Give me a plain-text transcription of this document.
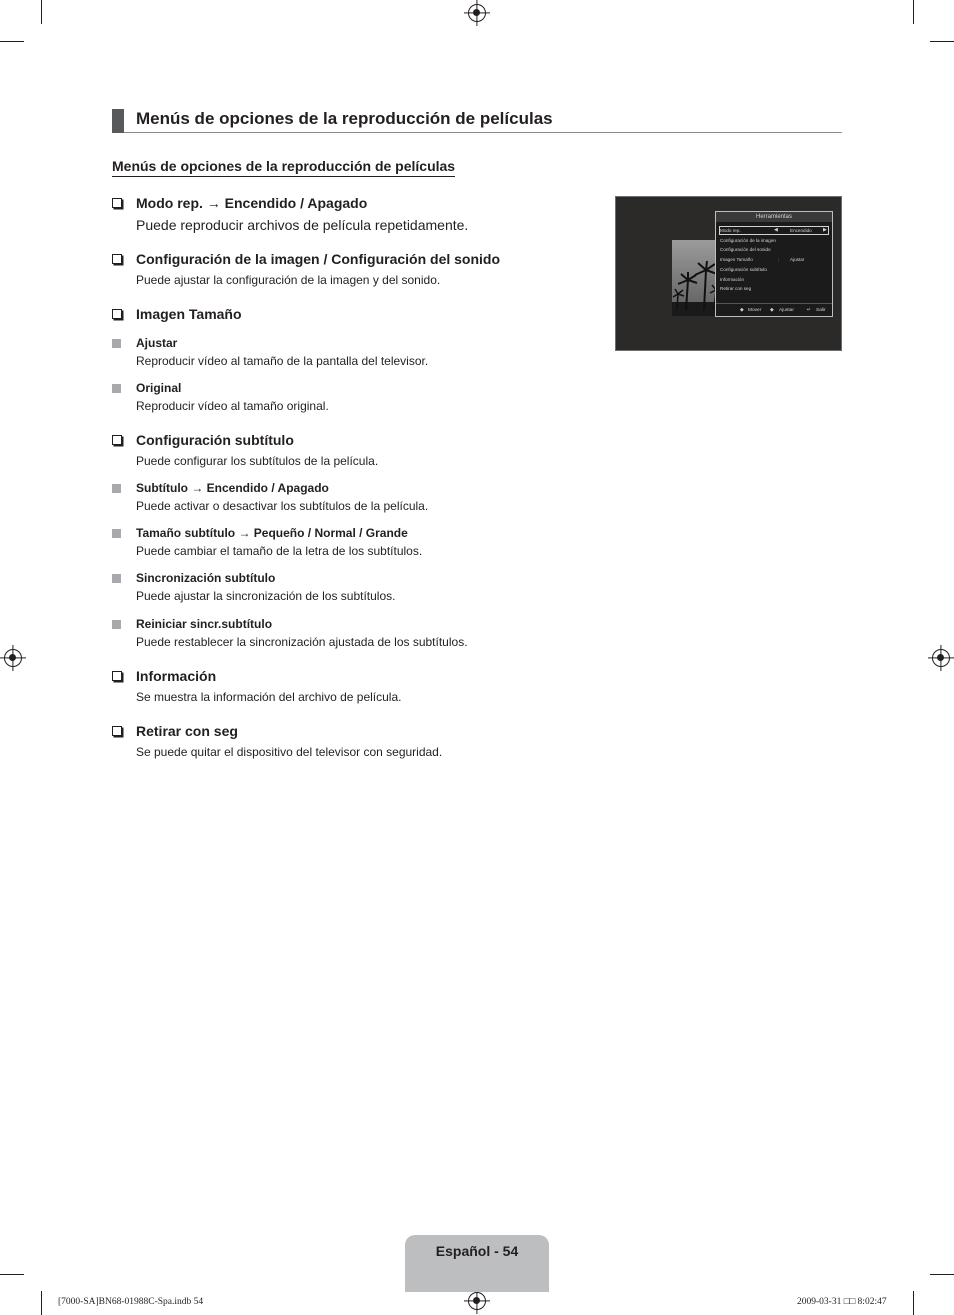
Menús de opciones de la reproducción de películas
Menús de opciones de la reproducción de películas
Modo rep. → Encendido / Apagado
Puede reproducir archivos de película repetidamente.
Configuración de la imagen / Configuración del sonido
Puede ajustar la configuración de la imagen y del sonido.
Imagen Tamaño
Ajustar
Reproducir vídeo al tamaño de la pantalla del televisor.
Original
Reproducir vídeo al tamaño original.
Configuración subtítulo
Puede configurar los subtítulos de la película.
Subtítulo → Encendido / Apagado
Puede activar o desactivar los subtítulos de la película.
Tamaño subtítulo → Pequeño / Normal / Grande
Puede cambiar el tamaño de la letra de los subtítulos.
Sincronización subtítulo
Puede ajustar la sincronización de los subtítulos.
Reiniciar sincr.subtítulo
Puede restablecer la sincronización ajustada de los subtítulos.
Información
Se muestra la información del archivo de película.
Retirar con seg
Se puede quitar el dispositivo del televisor con seguridad.
Herramientas
Modo rep.	◀	Encendido ▶
Configuración de la imagen
Configuración del sonido
Imagen Tamaño	: Ajustar
Configuración subtítulo
Información
Retirar con seg
◆ Mover ◆ Ajustar	↵ Salir
Español - 54
[7000-SA]BN68-01988C-Spa.indb 54	2009-03-31 □□ 8:02:47
